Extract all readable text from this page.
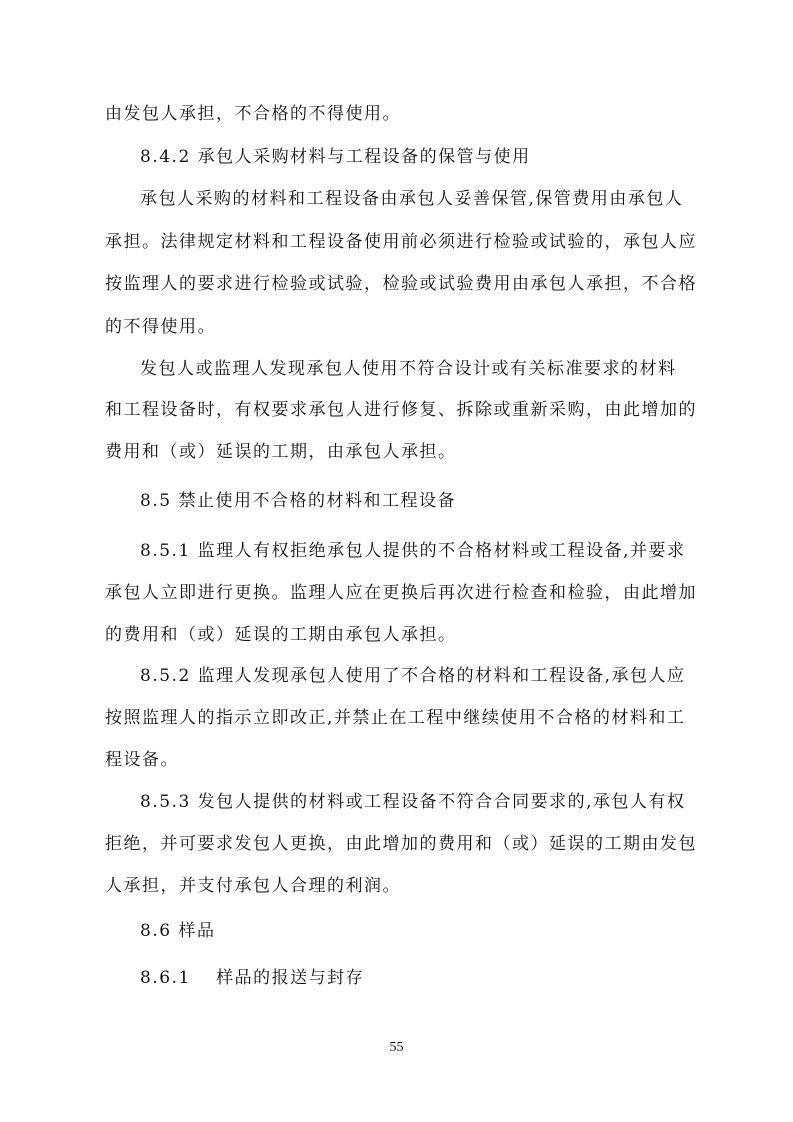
由发包人承担，不合格的不得使用。
8.4.2 承包人采购材料与工程设备的保管与使用
承包人采购的材料和工程设备由承包人妥善保管,保管费用由承包人
承担。法律规定材料和工程设备使用前必须进行检验或试验的，承包人应
按监理人的要求进行检验或试验，检验或试验费用由承包人承担，不合格
的不得使用。
发包人或监理人发现承包人使用不符合设计或有关标准要求的材料
和工程设备时，有权要求承包人进行修复、拆除或重新采购，由此增加的
费用和（或）延误的工期，由承包人承担。
8.5 禁止使用不合格的材料和工程设备
8.5.1 监理人有权拒绝承包人提供的不合格材料或工程设备,并要求
承包人立即进行更换。监理人应在更换后再次进行检查和检验，由此增加
的费用和（或）延误的工期由承包人承担。
8.5.2 监理人发现承包人使用了不合格的材料和工程设备,承包人应
按照监理人的指示立即改正,并禁止在工程中继续使用不合格的材料和工
程设备。
8.5.3 发包人提供的材料或工程设备不符合合同要求的,承包人有权
拒绝，并可要求发包人更换，由此增加的费用和（或）延误的工期由发包
人承担，并支付承包人合理的利润。
8.6 样品
8.6.1　 样品的报送与封存
55
